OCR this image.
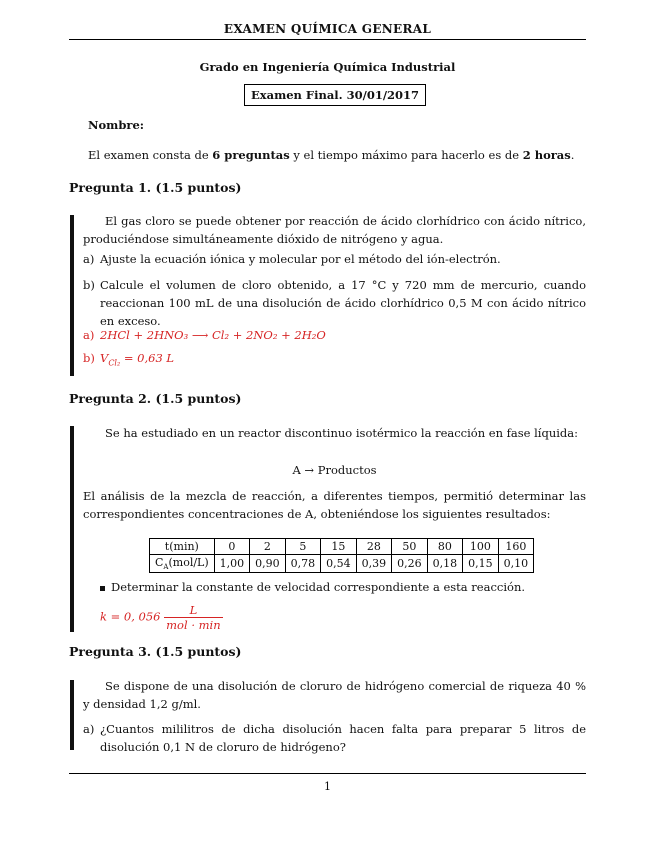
EXAMEN QUÍMICA GENERAL
Grado en Ingeniería Química Industrial
Examen Final. 30/01/2017
Nombre:
El examen consta de 6 preguntas y el tiempo máximo para hacerlo es de 2 horas.
Pregunta 1. (1.5 puntos)
El gas cloro se puede obtener por reacción de ácido clorhídrico con ácido nítrico, produciéndose simultáneamente dióxido de nitrógeno y agua.
a) Ajuste la ecuación iónica y molecular por el método del ión-electrón.
b) Calcule el volumen de cloro obtenido, a 17 °C y 720 mm de mercurio, cuando reaccionan 100 mL de una disolución de ácido clorhídrico 0,5 M con ácido nítrico en exceso.
a) 2HCl + 2HNO₃ ⟶ Cl₂ + 2NO₂ + 2H₂O
b) $V_{Cl_2} = 0,63$ L
Pregunta 2. (1.5 puntos)
Se ha estudiado en un reactor discontinuo isotérmico la reacción en fase líquida:
A → Productos
El análisis de la mezcla de reacción, a diferentes tiempos, permitió determinar las correspondientes concentraciones de A, obteniéndose los siguientes resultados:
t(min)	0	2	5	15	28	50	80	100	160
$C_A(mol/L)$	1,00	0,90	0,78	0,54	0,39	0,26	0,18	0,15	0,10
Determinar la constante de velocidad correspondiente a esta reacción.
k = 0, $056 \frac{L}{\text{mol · min}}$
Pregunta 3. (1.5 puntos)
Se dispone de una disolución de cloruro de hidrógeno comercial de riqueza 40 % y densidad 1,2 g/ml.
a) ¿Cuantos mililitros de dicha disolución hacen falta para preparar 5 litros de disolución 0,1 N de cloruro de hidrógeno?
1
